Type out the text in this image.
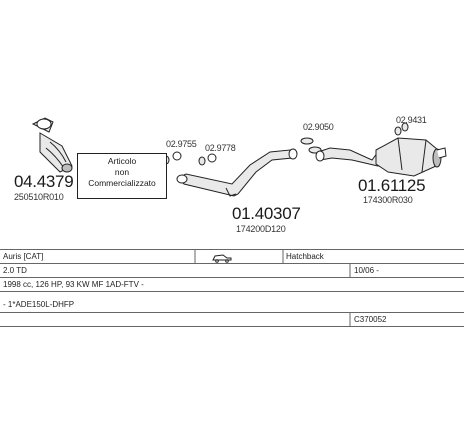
04.4379
250510R010
Articolo
non
Commercializzato
02.9755 02.9778
02.9050
02.9431
01.40307
174200D120
01.61125
174300R030
Auris [CAT]	Hatchback
2.0 TD	10/06 -
1998 cc, 126 HP, 93 KW MF 1AD-FTV -
- 1*ADE150L-DHFP
C370052
